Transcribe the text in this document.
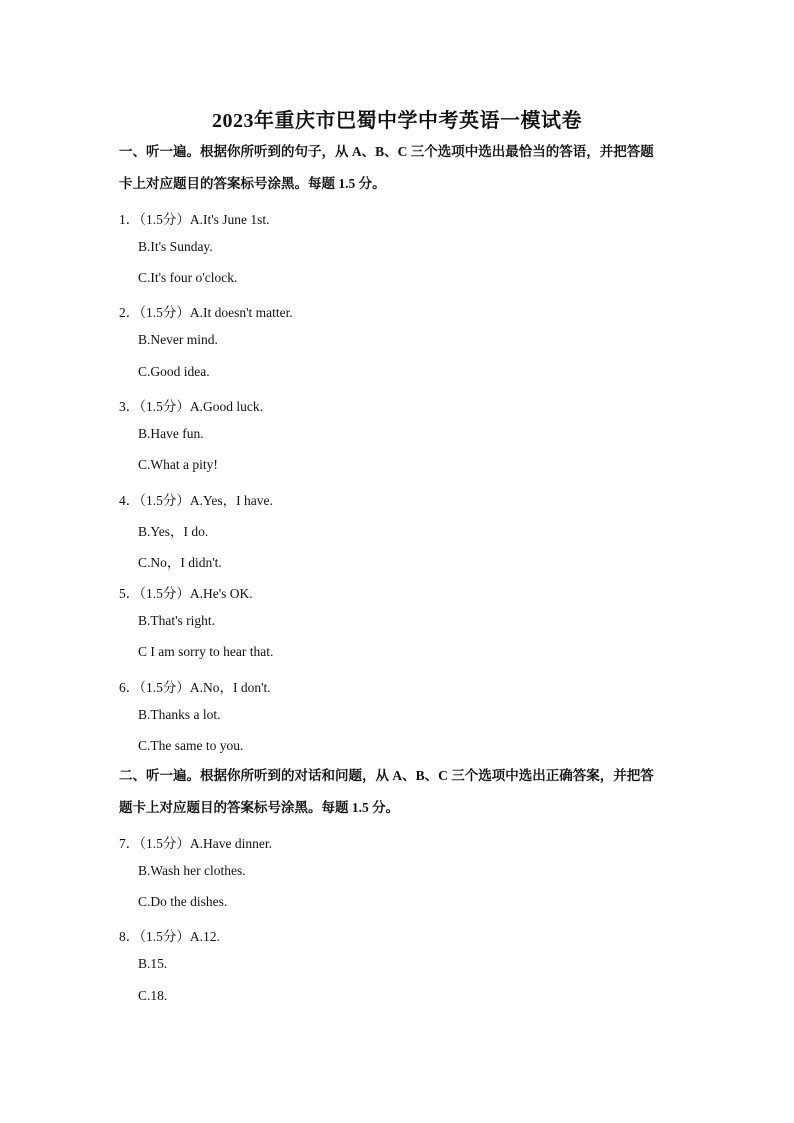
2023年重庆市巴蜀中学中考英语一模试卷
一、听一遍。根据你所听到的句子，从 A、B、C 三个选项中选出最恰当的答语，并把答题
卡上对应题目的答案标号涂黑。每题 1.5 分。
1．（1.5分）A.It's June 1st.
B.It's Sunday.
C.It's four o'clock.
2．（1.5分）A.It doesn't matter.
B.Never mind.
C.Good idea.
3．（1.5分）A.Good luck.
B.Have fun.
C.What a pity!
4．（1.5分）A.Yes，I have.
B.Yes，I do.
C.No，I didn't.
5．（1.5分）A.He's OK.
B.That's right.
C I am sorry to hear that.
6．（1.5分）A.No，I don't.
B.Thanks a lot.
C.The same to you.
二、听一遍。根据你所听到的对话和问题，从 A、B、C 三个选项中选出正确答案，并把答
题卡上对应题目的答案标号涂黑。每题 1.5 分。
7．（1.5分）A.Have dinner.
B.Wash her clothes.
C.Do the dishes.
8．（1.5分）A.12.
B.15.
C.18.
